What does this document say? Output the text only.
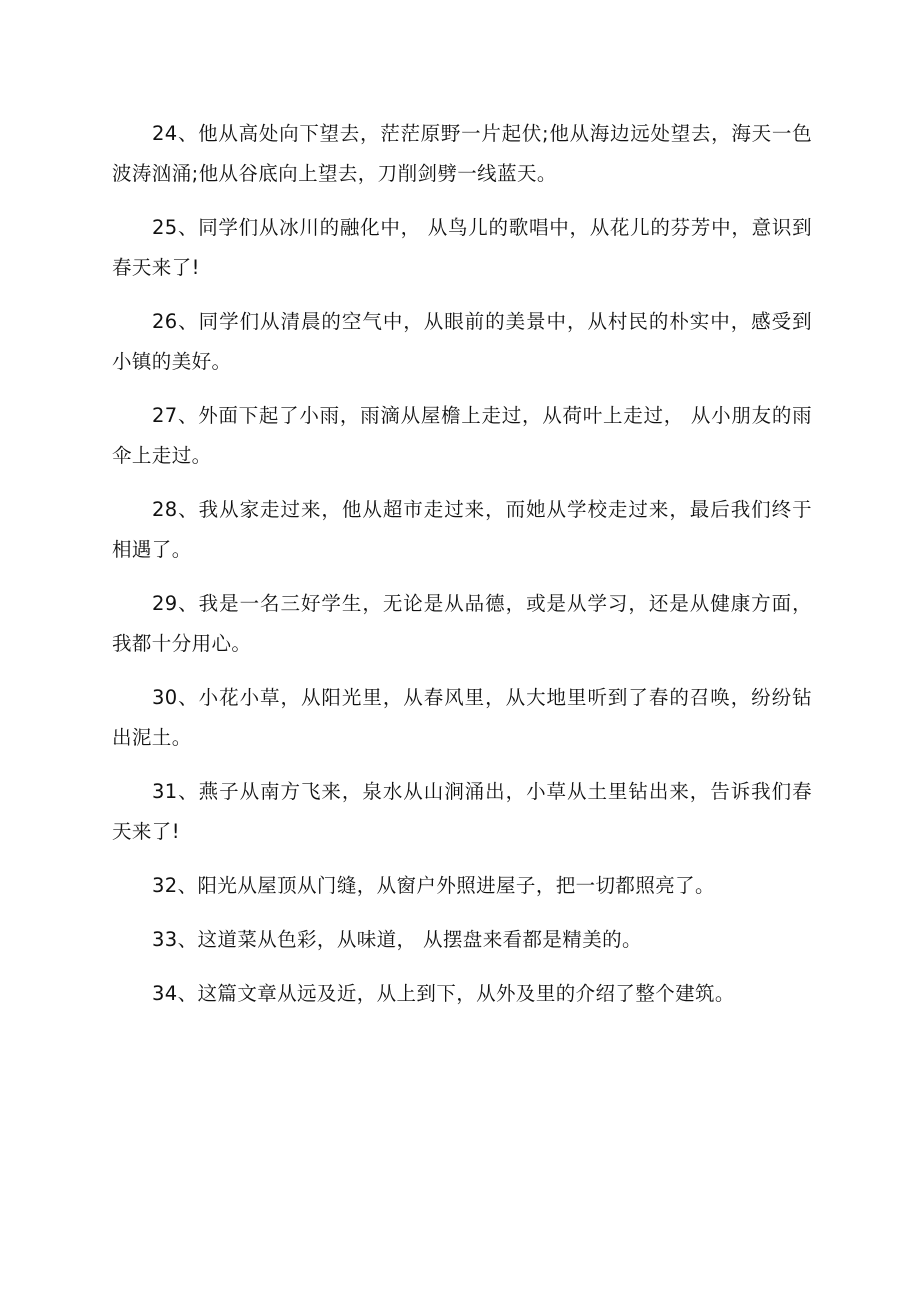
24、他从高处向下望去，茫茫原野一片起伏;他从海边远处望去，海天一色波涛汹涌;他从谷底向上望去，刀削剑劈一线蓝天。

25、同学们从冰川的融化中， 从鸟儿的歌唱中，从花儿的芬芳中，意识到春天来了!

26、同学们从清晨的空气中，从眼前的美景中，从村民的朴实中，感受到小镇的美好。

27、外面下起了小雨，雨滴从屋檐上走过，从荷叶上走过， 从小朋友的雨伞上走过。

28、我从家走过来，他从超市走过来，而她从学校走过来，最后我们终于相遇了。

29、我是一名三好学生，无论是从品德，或是从学习，还是从健康方面，我都十分用心。

30、小花小草，从阳光里，从春风里，从大地里听到了春的召唤，纷纷钻出泥土。

31、燕子从南方飞来，泉水从山涧涌出，小草从土里钻出来，告诉我们春天来了!

32、阳光从屋顶从门缝，从窗户外照进屋子，把一切都照亮了。

33、这道菜从色彩，从味道， 从摆盘来看都是精美的。

34、这篇文章从远及近，从上到下，从外及里的介绍了整个建筑。
